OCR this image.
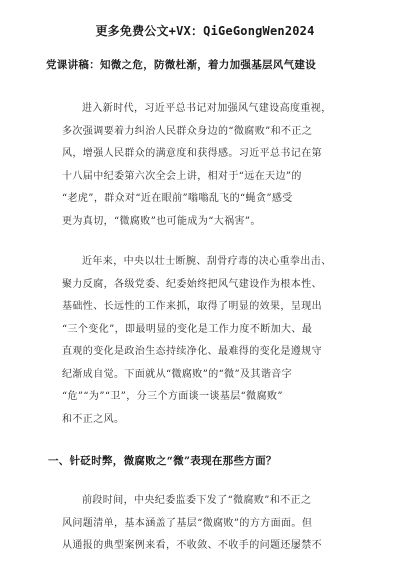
更多免费公文+VX：QiGeGongWen2024
党课讲稿：知微之危，防微杜渐，着力加强基层风气建设
进入新时代，习近平总书记对加强风气建设高度重视，
多次强调要着力纠治人民群众身边的“微腐败”和不正之
风，增强人民群众的满意度和获得感。习近平总书记在第
十八届中纪委第六次全会上讲，相对于“远在天边”的
“老虎”，群众对“近在眼前”嗡嗡乱飞的“蝇贪”感受
更为真切，“微腐败”也可能成为“大祸害”。
近年来，中央以壮士断腕、刮骨疗毒的决心重拳出击、
聚力反腐，各级党委、纪委始终把风气建设作为根本性、
基础性、长远性的工作来抓，取得了明显的效果，呈现出
“三个变化”，即最明显的变化是工作力度不断加大、最
直观的变化是政治生态持续净化、最难得的变化是遵规守
纪渐成自觉。下面就从“微腐败”的“微”及其谐音字
“危”“为”“卫”，分三个方面谈一谈基层“微腐败”
和不正之风。
一、针砭时弊，微腐败之“微”表现在那些方面？
前段时间，中央纪委监委下发了“微腐败”和不正之
风问题清单，基本涵盖了基层“微腐败”的方方面面。但
从通报的典型案例来看，不收敛、不收手的问题还屡禁不
